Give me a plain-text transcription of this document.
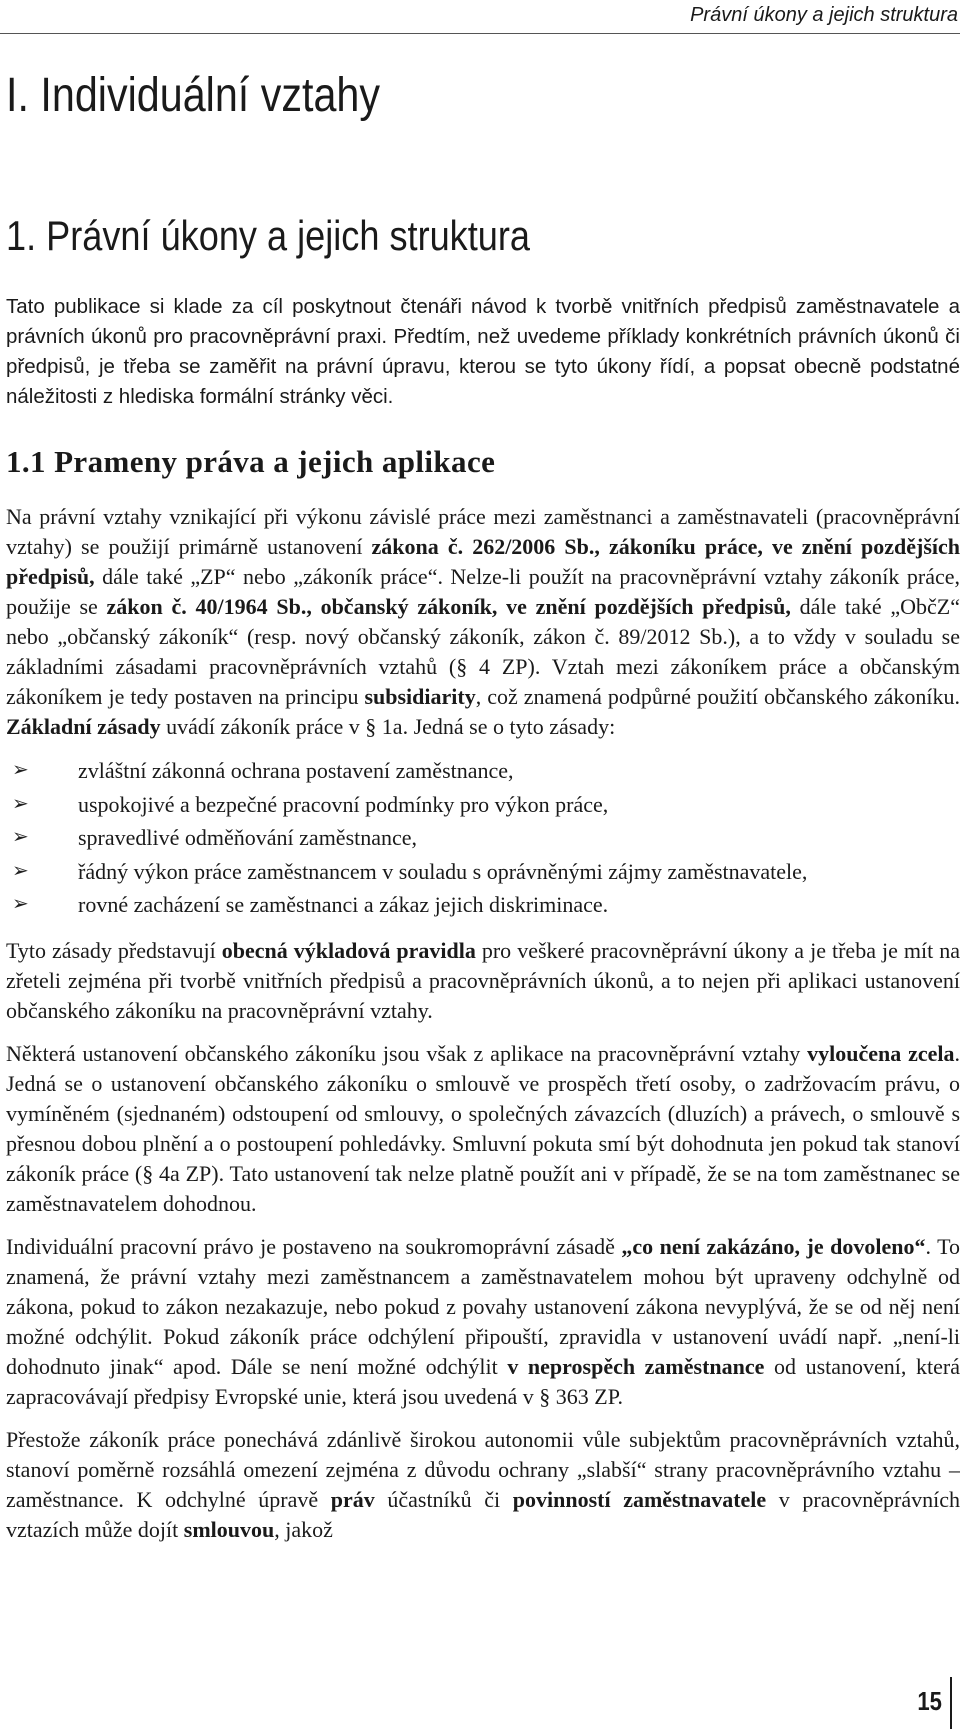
Právní úkony a jejich struktura
I. Individuální vztahy
1. Právní úkony a jejich struktura

Tato publikace si klade za cíl poskytnout čtenáři návod k tvorbě vnitřních předpisů zaměstnavatele a právních úkonů pro pracovněprávní praxi. Předtím, než uvedeme příklady konkrétních právních úkonů či předpisů, je třeba se zaměřit na právní úpravu, kterou se tyto úkony řídí, a popsat obecně podstatné náležitosti z hlediska formální stránky věci.

1.1 Prameny práva a jejich aplikace

Na právní vztahy vznikající při výkonu závislé práce mezi zaměstnanci a zaměstnavateli (pracovněprávní vztahy) se použijí primárně ustanovení zákona č. 262/2006 Sb., zákoníku práce, ve znění pozdějších předpisů, dále také „ZP“ nebo „zákoník práce“. Nelze-li použít na pracovněprávní vztahy zákoník práce, použije se zákon č. 40/1964 Sb., občanský zákoník, ve znění pozdějších předpisů, dále také „ObčZ“ nebo „občanský zákoník“ (resp. nový občanský zákoník, zákon č. 89/2012 Sb.), a to vždy v souladu se základními zásadami pracovněprávních vztahů (§ 4 ZP). Vztah mezi zákoníkem práce a občanským zákoníkem je tedy postaven na principu subsidiarity, což znamená podpůrné použití občanského zákoníku. Základní zásady uvádí zákoník práce v § 1a. Jedná se o tyto zásady:

➢ zvláštní zákonná ochrana postavení zaměstnance,
➢ uspokojivé a bezpečné pracovní podmínky pro výkon práce,
➢ spravedlivé odměňování zaměstnance,
➢ řádný výkon práce zaměstnancem v souladu s oprávněnými zájmy zaměstnavatele,
➢ rovné zacházení se zaměstnanci a zákaz jejich diskriminace.

Tyto zásady představují obecná výkladová pravidla pro veškeré pracovněprávní úkony a je třeba je mít na zřeteli zejména při tvorbě vnitřních předpisů a pracovněprávních úkonů, a to nejen při aplikaci ustanovení občanského zákoníku na pracovněprávní vztahy.

Některá ustanovení občanského zákoníku jsou však z aplikace na pracovněprávní vztahy vyloučena zcela. Jedná se o ustanovení občanského zákoníku o smlouvě ve prospěch třetí osoby, o zadržovacím právu, o vymíněném (sjednaném) odstoupení od smlouvy, o společných závazcích (dluzích) a právech, o smlouvě s přesnou dobou plnění a o postoupení pohledávky. Smluvní pokuta smí být dohodnuta jen pokud tak stanoví zákoník práce (§ 4a ZP). Tato ustanovení tak nelze platně použít ani v případě, že se na tom zaměstnanec se zaměstnavatelem dohodnou.

Individuální pracovní právo je postaveno na soukromoprávní zásadě „co není zakázáno, je dovoleno“. To znamená, že právní vztahy mezi zaměstnancem a zaměstnavatelem mohou být upraveny odchylně od zákona, pokud to zákon nezakazuje, nebo pokud z povahy ustanovení zákona nevyplývá, že se od něj není možné odchýlit. Pokud zákoník práce odchýlení připouští, zpravidla v ustanovení uvádí např. „není-li dohodnuto jinak“ apod. Dále se není možné odchýlit v neprospěch zaměstnance od ustanovení, která zapracovávají předpisy Evropské unie, která jsou uvedená v § 363 ZP.

Přestože zákoník práce ponechává zdánlivě širokou autonomii vůle subjektům pracovněprávních vztahů, stanoví poměrně rozsáhlá omezení zejména z důvodu ochrany „slabší“ strany pracovněprávního vztahu – zaměstnance. K odchylné úpravě práv účastníků či povinností zaměstnavatele v pracovněprávních vztazích může dojít smlouvou, jakož

15
